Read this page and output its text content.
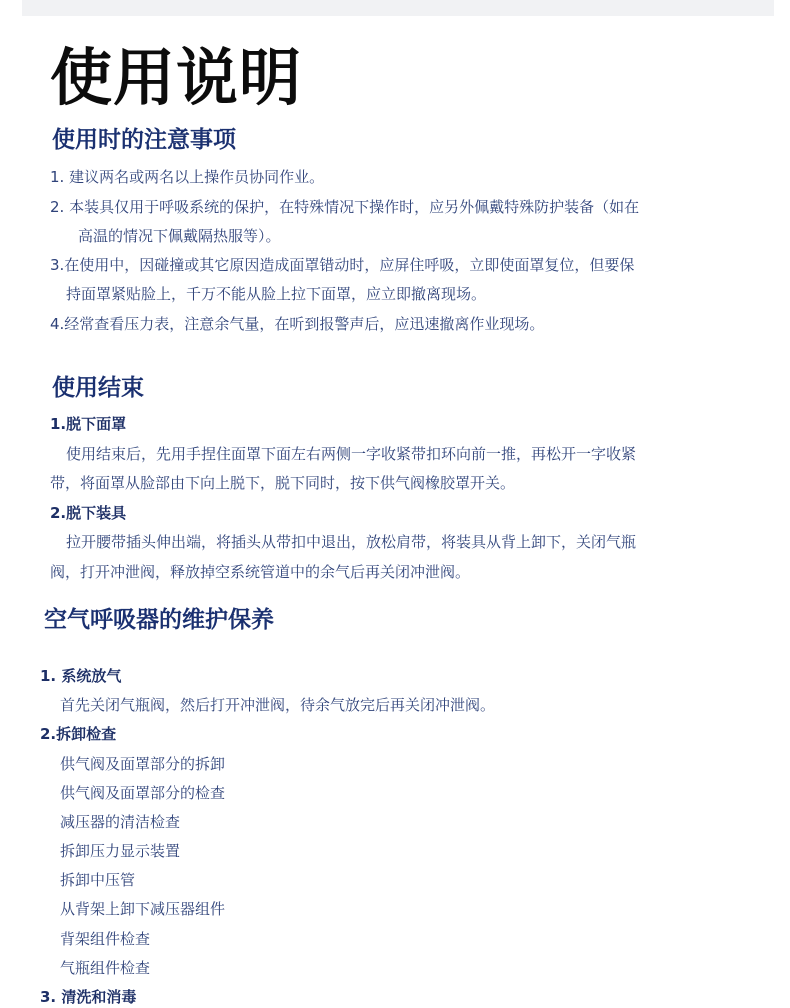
使用说明
使用时的注意事项
1. 建议两名或两名以上操作员协同作业。
2. 本装具仅用于呼吸系统的保护，在特殊情况下操作时，应另外佩戴特殊防护装备（如在
高温的情况下佩戴隔热服等）。
3.在使用中，因碰撞或其它原因造成面罩错动时，应屏住呼吸，立即使面罩复位，但要保
持面罩紧贴脸上，千万不能从脸上拉下面罩，应立即撤离现场。
4.经常查看压力表，注意余气量，在听到报警声后，应迅速撤离作业现场。
使用结束
1.脱下面罩
使用结束后，先用手捏住面罩下面左右两侧一字收紧带扣环向前一推，再松开一字收紧
带，将面罩从脸部由下向上脱下，脱下同时，按下供气阀橡胶罩开关。
2.脱下装具
拉开腰带插头伸出端，将插头从带扣中退出，放松肩带，将装具从背上卸下，关闭气瓶
阀，打开冲泄阀，释放掉空系统管道中的余气后再关闭冲泄阀。
空气呼吸器的维护保养
1. 系统放气
首先关闭气瓶阀，然后打开冲泄阀，待余气放完后再关闭冲泄阀。
2.拆卸检查
供气阀及面罩部分的拆卸
供气阀及面罩部分的检查
减压器的清洁检查
拆卸压力显示装置
拆卸中压管
从背架上卸下减压器组件
背架组件检查
气瓶组件检查
3. 清洗和消毒
